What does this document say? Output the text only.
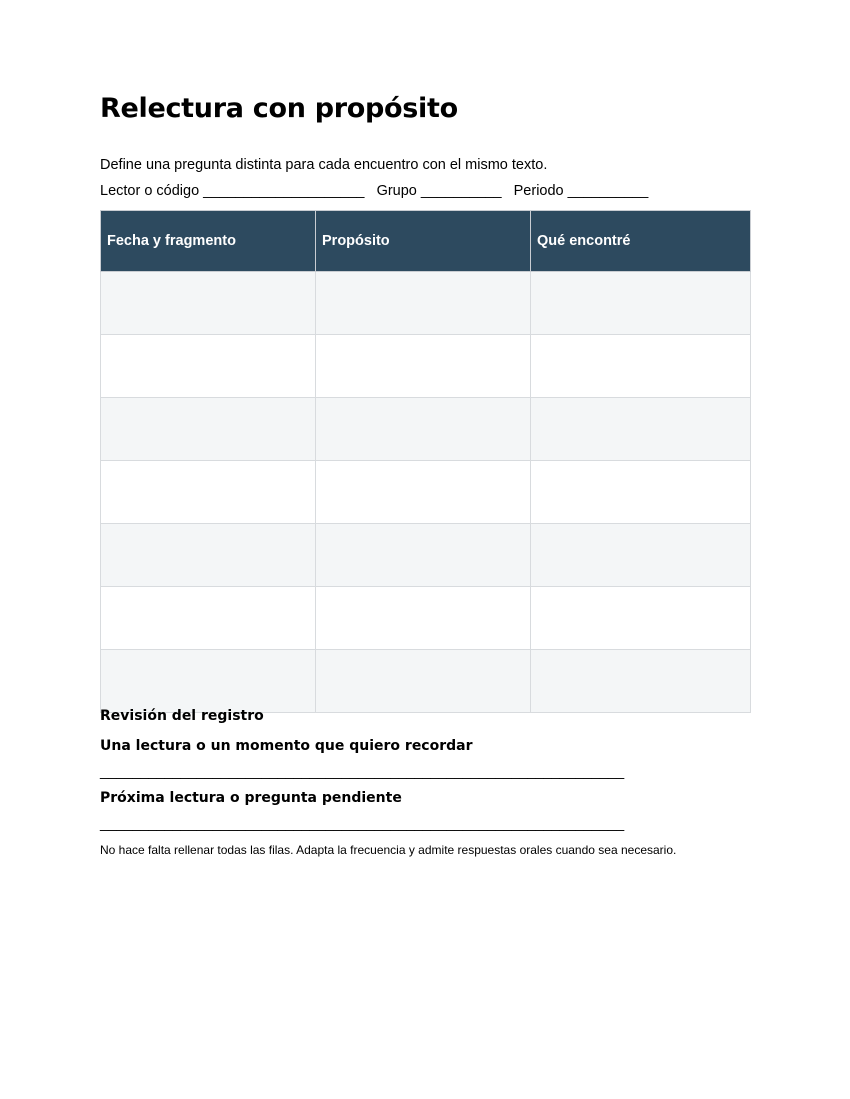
Relectura con propósito
Define una pregunta distinta para cada encuentro con el mismo texto.
Lector o código ____________________ Grupo __________ Periodo __________
Fecha y fragmento	Propósito	Qué encontré

Revisión del registro
Una lectura o un momento que quiero recordar
_________________________________________________________________
Próxima lectura o pregunta pendiente
_________________________________________________________________
No hace falta rellenar todas las filas. Adapta la frecuencia y admite respuestas orales cuando sea necesario.
